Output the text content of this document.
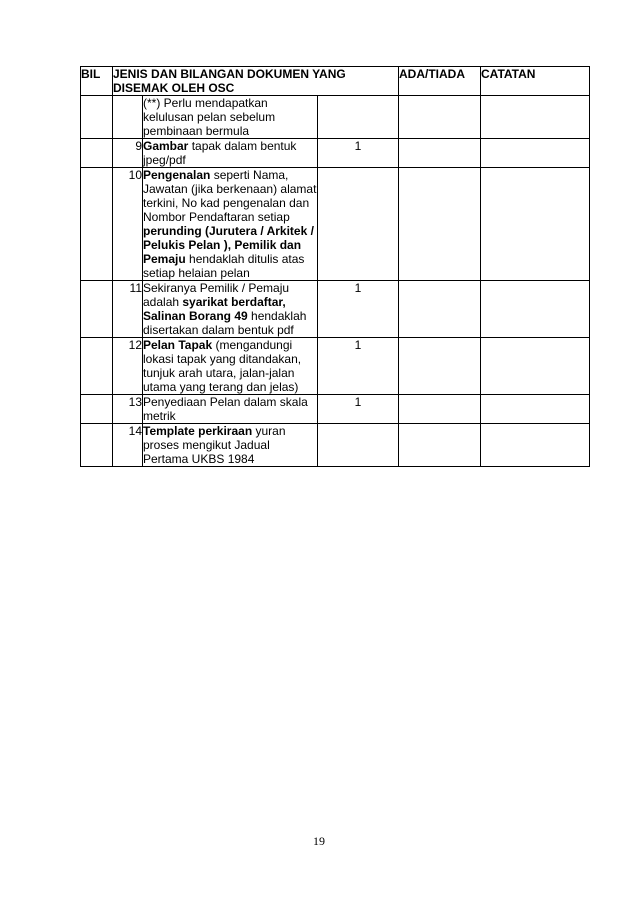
BIL	JENIS DAN BILANGAN DOKUMEN YANG DISEMAK OLEH OSC			ADA/TIADA	CATATAN
		(**) Perlu mendapatkan kelulusan pelan sebelum pembinaan bermula			
	9	Gambar tapak dalam bentuk jpeg/pdf	1		
	10	Pengenalan seperti Nama, Jawatan (jika berkenaan) alamat terkini, No kad pengenalan dan Nombor Pendaftaran setiap perunding (Jurutera / Arkitek / Pelukis Pelan ), Pemilik dan Pemaju hendaklah ditulis atas setiap helaian pelan			
	11	Sekiranya Pemilik / Pemaju adalah syarikat berdaftar, Salinan Borang 49 hendaklah disertakan dalam bentuk pdf	1		
	12	Pelan Tapak (mengandungi lokasi tapak yang ditandakan, tunjuk arah utara, jalan-jalan utama yang terang dan jelas)	1		
	13	Penyediaan Pelan dalam skala metrik	1		
	14	Template perkiraan yuran proses mengikut Jadual Pertama UKBS 1984			
19
